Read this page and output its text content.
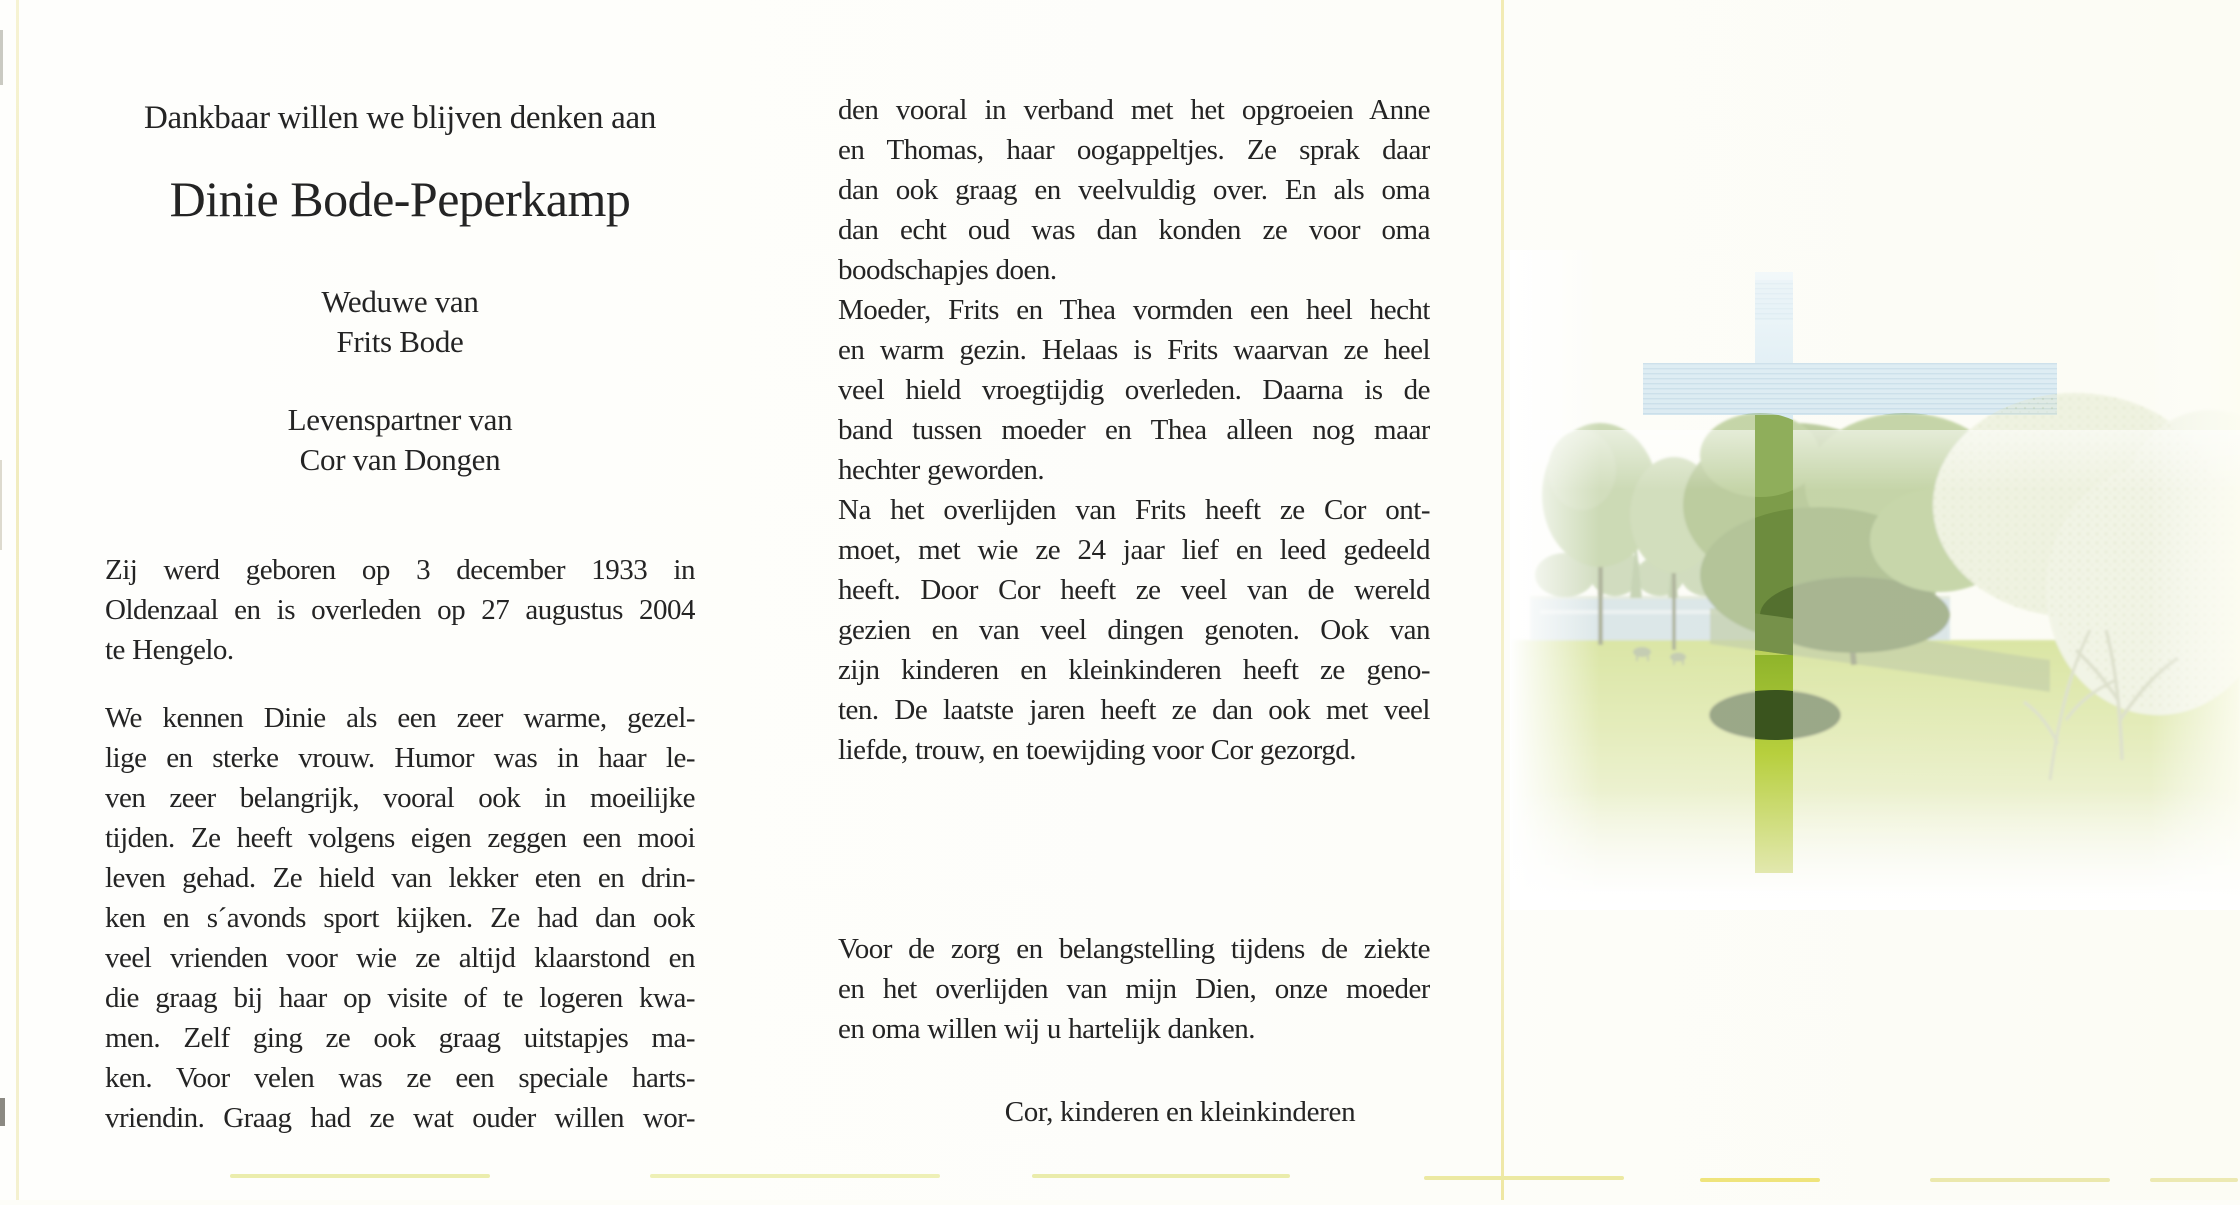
Dankbaar willen we blijven denken aan
Dinie Bode-Peperkamp
Weduwe van
Frits Bode
Levenspartner van
Cor van Dongen
Zij werd geboren op 3 december 1933 in
Oldenzaal en is overleden op 27 augustus 2004
te Hengelo.
We kennen Dinie als een zeer warme, gezel-
lige en sterke vrouw. Humor was in haar le-
ven zeer belangrijk, vooral ook in moeilijke
tijden. Ze heeft volgens eigen zeggen een mooi
leven gehad. Ze hield van lekker eten en drin-
ken en s´avonds sport kijken. Ze had dan ook
veel vrienden voor wie ze altijd klaarstond en
die graag bij haar op visite of te logeren kwa-
men. Zelf ging ze ook graag uitstapjes ma-
ken. Voor velen was ze een speciale harts-
vriendin. Graag had ze wat ouder willen wor-
den vooral in verband met het opgroeien Anne
en Thomas, haar oogappeltjes. Ze sprak daar
dan ook graag en veelvuldig over. En als oma
dan echt oud was dan konden ze voor oma
boodschapjes doen.
Moeder, Frits en Thea vormden een heel hecht
en warm gezin. Helaas is Frits waarvan ze heel
veel hield vroegtijdig overleden. Daarna is de
band tussen moeder en Thea alleen nog maar
hechter geworden.
Na het overlijden van Frits heeft ze Cor ont-
moet, met wie ze 24 jaar lief en leed gedeeld
heeft. Door Cor heeft ze veel van de wereld
gezien en van veel dingen genoten. Ook van
zijn kinderen en kleinkinderen heeft ze geno-
ten. De laatste jaren heeft ze dan ook met veel
liefde, trouw, en toewijding voor Cor gezorgd.
Voor de zorg en belangstelling tijdens de ziekte
en het overlijden van mijn Dien, onze moeder
en oma willen wij u hartelijk danken.
Cor, kinderen en kleinkinderen
